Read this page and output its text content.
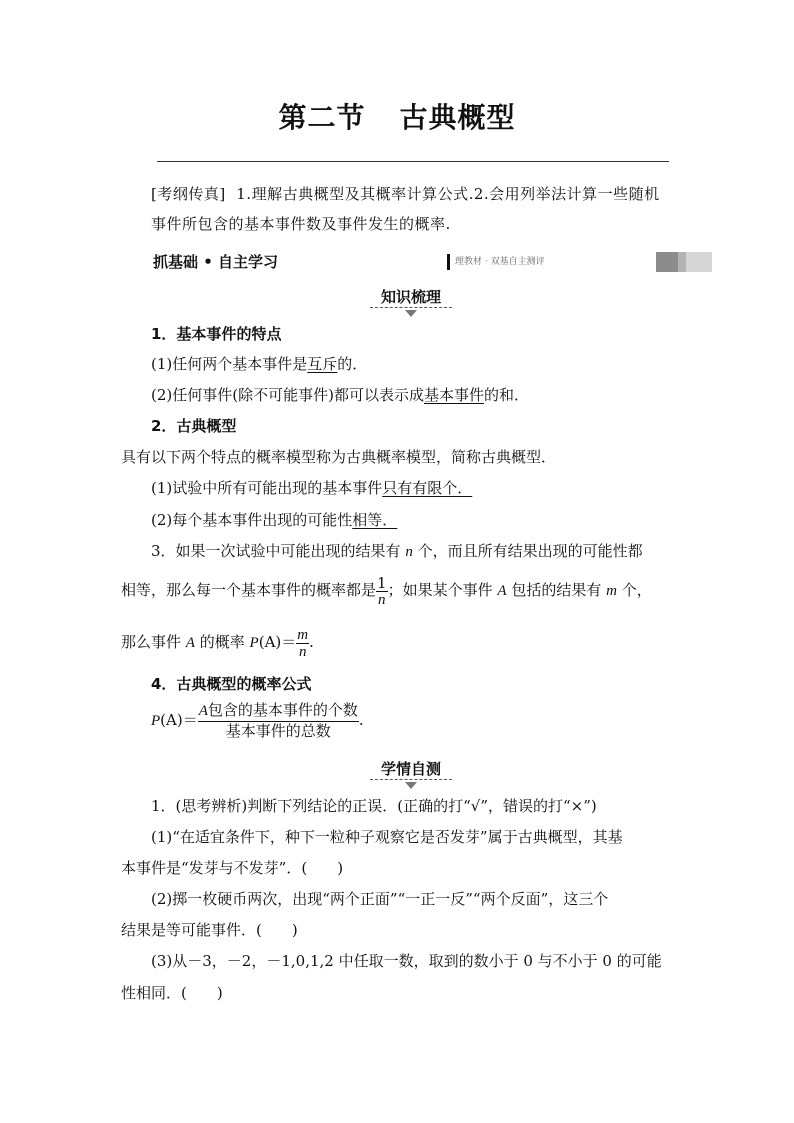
第二节 古典概型
[考纲传真] 1.理解古典概型及其概率计算公式.2.会用列举法计算一些随机
事件所包含的基本事件数及事件发生的概率.
抓基础 • 自主学习	理教材 · 双基自主测评
知识梳理
1．基本事件的特点
(1)任何两个基本事件是互斥的．
(2)任何事件(除不可能事件)都可以表示成基本事件的和．
2．古典概型
具有以下两个特点的概率模型称为古典概率模型，简称古典概型．
(1)试验中所有可能出现的基本事件只有有限个．
(2)每个基本事件出现的可能性相等．
3．如果一次试验中可能出现的结果有 n 个，而且所有结果出现的可能性都
相等，那么每一个基本事件的概率都是 $\frac{1}{n}$ ；如果某个事件 A 包括的结果有 m 个，
那么事件 A 的概率 $P(A)= \frac{m}{n}$ .
4．古典概型的概率公式
$P(A)= \frac{\text{A包含的基本事件的个数}}{\text{基本事件的总数}}$ .
学情自测
1．(思考辨析)判断下列结论的正误．(正确的打“√”，错误的打“×”)
(1)“在适宜条件下，种下一粒种子观察它是否发芽”属于古典概型，其基
本事件是“发芽与不发芽”．(　　)
(2)掷一枚硬币两次，出现“两个正面”“一正一反”“两个反面”，这三个
结果是等可能事件．(　　)
(3)从－3，－2，－1,0,1,2 中任取一数，取到的数小于 0 与不小于 0 的可能
性相同．(　　)
